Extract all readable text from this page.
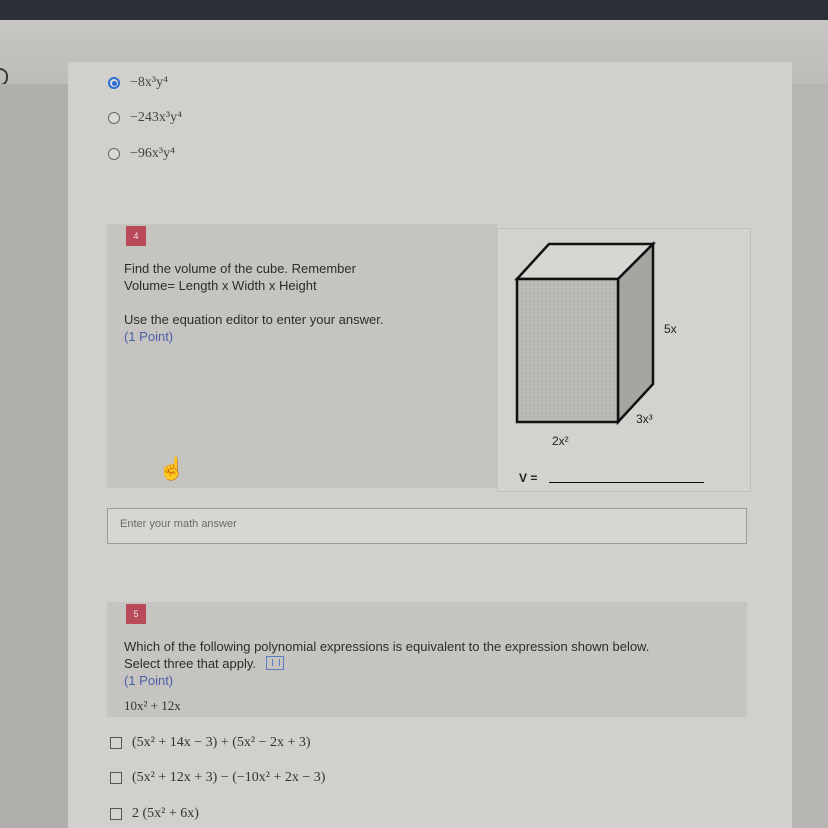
−8x³y⁴
−243x³y⁴
−96x³y⁴
4
Find the volume of the cube. Remember
Volume= Length x Width x Height
Use the equation editor to enter your answer.
(1 Point)	5x
3x³
2x²
V =
☝
Enter your math answer
5
Which of the following polynomial expressions is equivalent to the expression shown below.
Select three that apply.
(1 Point)
10x² + 12x
(5x² + 14x − 3) + (5x² − 2x + 3)
(5x² + 12x + 3) − (−10x² + 2x − 3)
2 (5x² + 6x)
